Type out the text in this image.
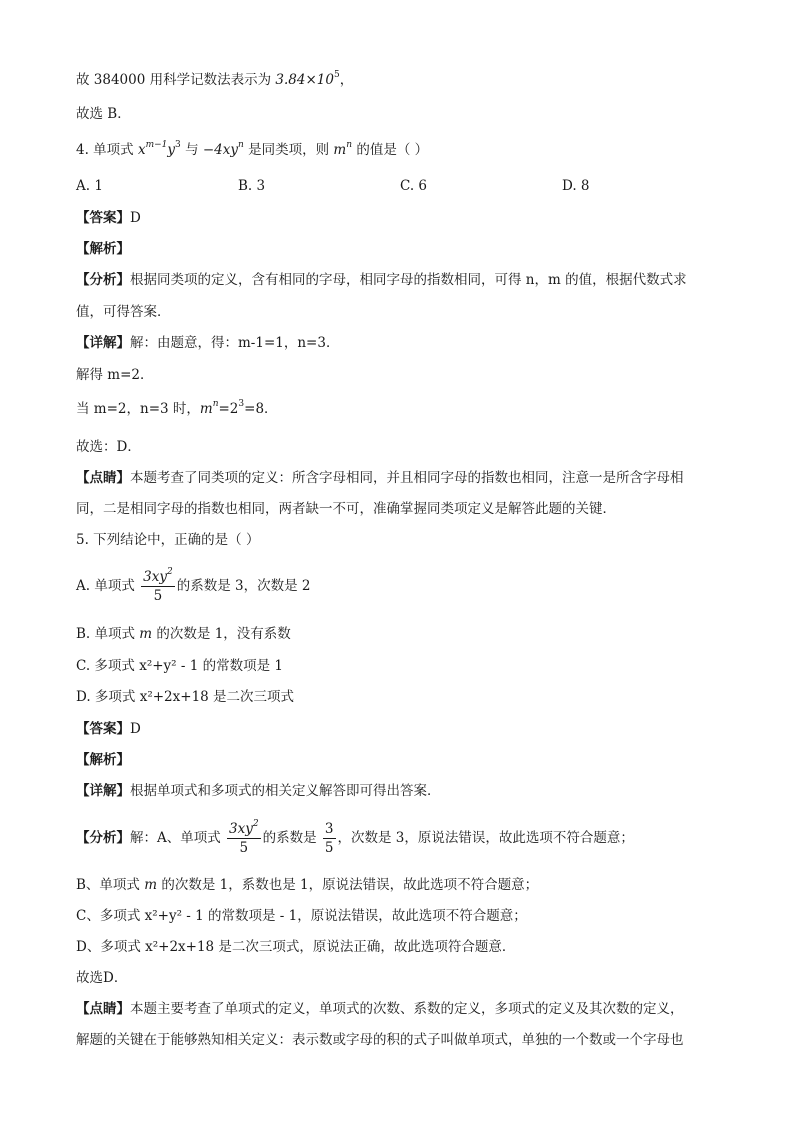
故 384000 用科学记数法表示为 $3.84\times 10^5$，
故选 B．
4. 单项式 $x^{m-1}y^3$ 与 $-4xy^n$ 是同类项，则 $m^n$ 的值是（ ）
A. 1	B. 3	C. 6	D. 8
【答案】D
【解析】
【分析】根据同类项的定义，含有相同的字母，相同字母的指数相同，可得 n，m 的值，根据代数式求
值，可得答案．
【详解】解：由题意，得：m-1=1，n=3．
解得 m=2．
当 m=2，n=3 时，$m^n=2^3=8$．
故选：D．
【点睛】本题考查了同类项的定义：所含字母相同，并且相同字母的指数也相同，注意一是所含字母相
同，二是相同字母的指数也相同，两者缺一不可，准确掌握同类项定义是解答此题的关键．
5. 下列结论中，正确的是（ ）
A. 单项式 $\frac{3xy^2}{5}$ 的系数是 3，次数是 2
B. 单项式 m 的次数是 1，没有系数
C. 多项式 x²+y² - 1 的常数项是 1
D. 多项式 x²+2x+18 是二次三项式
【答案】D
【解析】
【详解】根据单项式和多项式的相关定义解答即可得出答案．
【分析】解：A、单项式 $\frac{3xy^2}{5}$ 的系数是 $\frac{3}{5}$ ，次数是 3，原说法错误，故此选项不符合题意；
B、单项式 m 的次数是 1，系数也是 1，原说法错误，故此选项不符合题意；
C、多项式 x²+y² - 1 的常数项是 - 1，原说法错误，故此选项不符合题意；
D、多项式 x²+2x+18 是二次三项式，原说法正确，故此选项符合题意．
故选D．
【点睛】本题主要考查了单项式的定义，单项式的次数、系数的定义，多项式的定义及其次数的定义，
解题的关键在于能够熟知相关定义：表示数或字母的积的式子叫做单项式，单独的一个数或一个字母也
